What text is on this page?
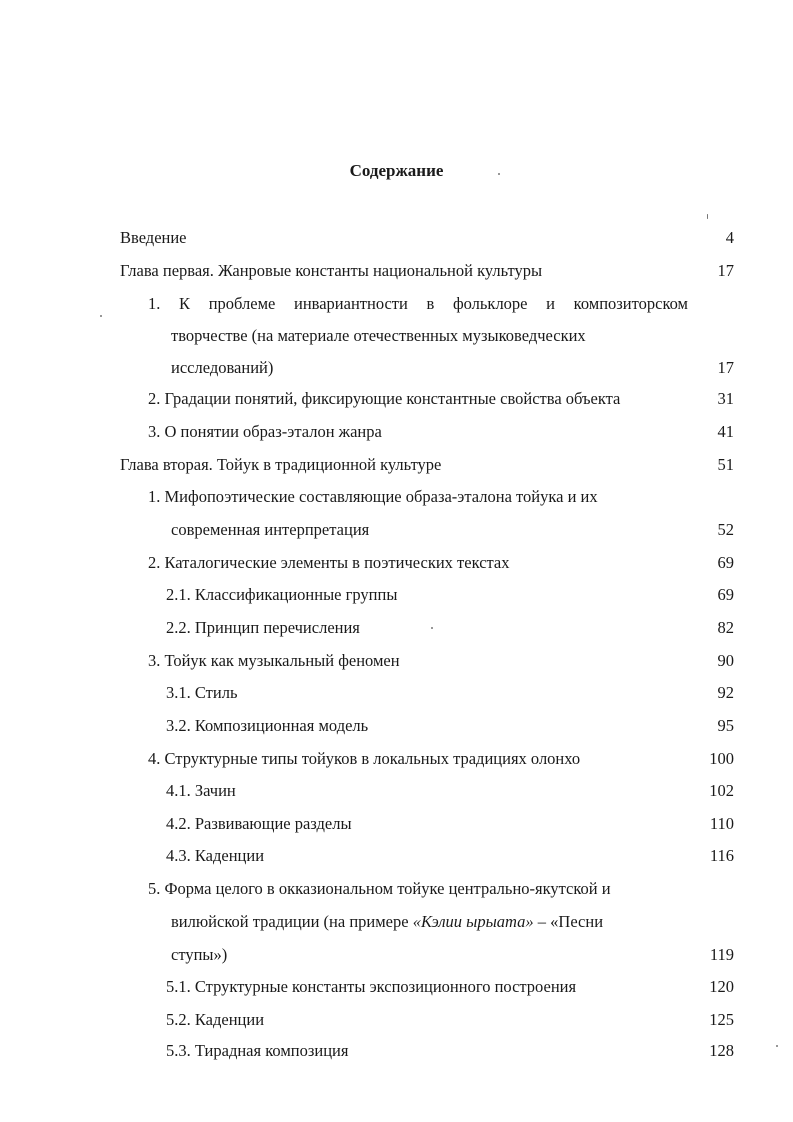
Содержание
Введение	4
Глава первая. Жанровые константы национальной культуры	17
1. К проблеме инвариантности в фольклоре и композиторском
творчестве (на материале отечественных музыковедческих
исследований)	17
2. Градации понятий, фиксирующие константные свойства объекта	31
3. О понятии образ-эталон жанра	41
Глава вторая. Тойук в традиционной культуре	51
1. Мифопоэтические составляющие образа-эталона тойука и их
современная интерпретация	52
2. Каталогические элементы в поэтических текстах	69
2.1. Классификационные группы	69
2.2. Принцип перечисления	82
3. Тойук как музыкальный феномен	90
3.1. Стиль	92
3.2. Композиционная модель	95
4. Структурные типы тойуков в локальных традициях олонхо	100
4.1. Зачин	102
4.2. Развивающие разделы	110
4.3. Каденции	116
5. Форма целого в окказиональном тойуке центрально-якутской и
вилюйской традиции (на примере «Кэлии ырыата» – «Песни
ступы»)	119
5.1. Структурные константы экспозиционного построения	120
5.2. Каденции	125
5.3. Тирадная композиция	128
